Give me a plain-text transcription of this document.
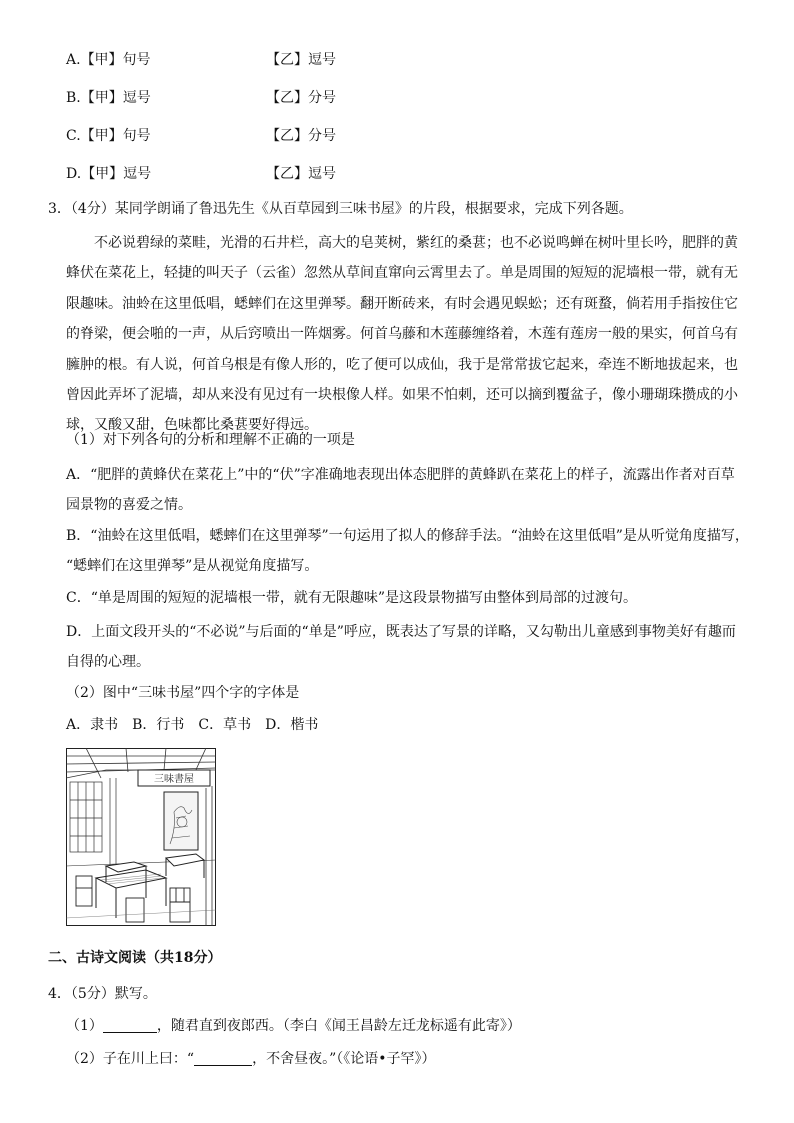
A.【甲】句号	【乙】逗号
B.【甲】逗号	【乙】分号
C.【甲】句号	【乙】分号
D.【甲】逗号	【乙】逗号
3．（4分）某同学朗诵了鲁迅先生《从百草园到三味书屋》的片段，根据要求，完成下列各题。
不必说碧绿的菜畦，光滑的石井栏，高大的皂荚树，紫红的桑葚；也不必说鸣蝉在树叶里长吟，肥胖的黄
蜂伏在菜花上，轻捷的叫天子（云雀）忽然从草间直窜向云霄里去了。单是周围的短短的泥墙根一带，就有无
限趣味。油蛉在这里低唱，蟋蟀们在这里弹琴。翻开断砖来，有时会遇见蜈蚣；还有斑蝥，倘若用手指按住它
的脊梁，便会啪的一声，从后窍喷出一阵烟雾。何首乌藤和木莲藤缠络着，木莲有莲房一般的果实，何首乌有
臃肿的根。有人说，何首乌根是有像人形的，吃了便可以成仙，我于是常常拔它起来，牵连不断地拔起来，也
曾因此弄坏了泥墙，却从来没有见过有一块根像人样。如果不怕刺，还可以摘到覆盆子，像小珊瑚珠攒成的小
球，又酸又甜，色味都比桑葚要好得远。
（1）对下列各句的分析和理解不正确的一项是
A．“肥胖的黄蜂伏在菜花上”中的“伏”字准确地表现出体态肥胖的黄蜂趴在菜花上的样子，流露出作者对百草
园景物的喜爱之情。
B．“油蛉在这里低唱，蟋蟀们在这里弹琴”一句运用了拟人的修辞手法。“油蛉在这里低唱”是从听觉角度描写，
“蟋蟀们在这里弹琴”是从视觉角度描写。
C．“单是周围的短短的泥墙根一带，就有无限趣味”是这段景物描写由整体到局部的过渡句。
D．上面文段开头的“不必说”与后面的“单是”呼应，既表达了写景的详略，又勾勒出儿童感到事物美好有趣而
自得的心理。
（2）图中“三味书屋”四个字的字体是
A．隶书　B．行书　C．草书　D．楷书
三味書屋
二、古诗文阅读（共18分）
4．（5分）默写。
（1）	，随君直到夜郎西。（李白《闻王昌龄左迁龙标遥有此寄》）
（2）子在川上曰：“	，不舍昼夜。”（《论语•子罕》）
